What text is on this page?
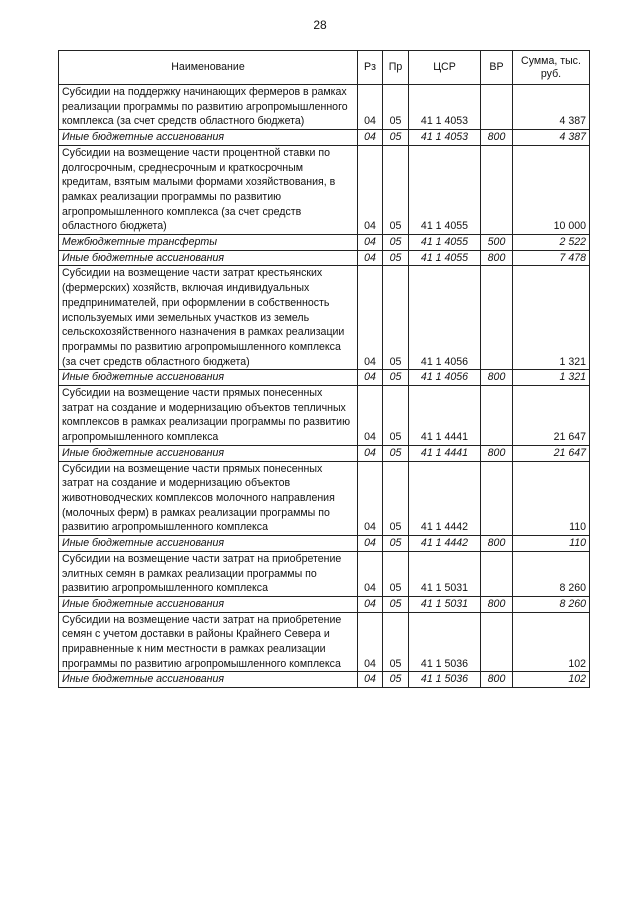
28
Наименование	Рз	Пр	ЦСР	ВР	Сумма, тыс. руб.
Субсидии на поддержку начинающих фермеров в рамках реализации программы по развитию агропромышленного комплекса (за счет средств областного бюджета)	04	05	41 1 4053		4 387
Иные бюджетные ассигнования	04	05	41 1 4053	800	4 387
Субсидии на возмещение части процентной ставки по долгосрочным, среднесрочным и краткосрочным кредитам, взятым малыми формами хозяйствования, в рамках реализации программы по развитию агропромышленного комплекса (за счет средств областного бюджета)	04	05	41 1 4055		10 000
Межбюджетные трансферты	04	05	41 1 4055	500	2 522
Иные бюджетные ассигнования	04	05	41 1 4055	800	7 478
Субсидии на возмещение части затрат крестьянских (фермерских) хозяйств, включая индивидуальных предпринимателей, при оформлении в собственность используемых ими земельных участков из земель сельскохозяйственного назначения в рамках реализации программы по развитию агропромышленного комплекса (за счет средств областного бюджета)	04	05	41 1 4056		1 321
Иные бюджетные ассигнования	04	05	41 1 4056	800	1 321
Субсидии на возмещение части прямых понесенных затрат на создание и модернизацию объектов тепличных комплексов в рамках реализации программы по развитию агропромышленного комплекса	04	05	41 1 4441		21 647
Иные бюджетные ассигнования	04	05	41 1 4441	800	21 647
Субсидии на возмещение части прямых понесенных затрат на создание и модернизацию объектов животноводческих комплексов молочного направления (молочных ферм) в рамках реализации программы по развитию агропромышленного комплекса	04	05	41 1 4442		110
Иные бюджетные ассигнования	04	05	41 1 4442	800	110
Субсидии на возмещение части затрат на приобретение элитных семян в рамках реализации программы по развитию агропромышленного комплекса	04	05	41 1 5031		8 260
Иные бюджетные ассигнования	04	05	41 1 5031	800	8 260
Субсидии на возмещение части затрат на приобретение семян с учетом доставки в районы Крайнего Севера и приравненные к ним местности в рамках реализации программы по развитию агропромышленного комплекса	04	05	41 1 5036		102
Иные бюджетные ассигнования	04	05	41 1 5036	800	102
